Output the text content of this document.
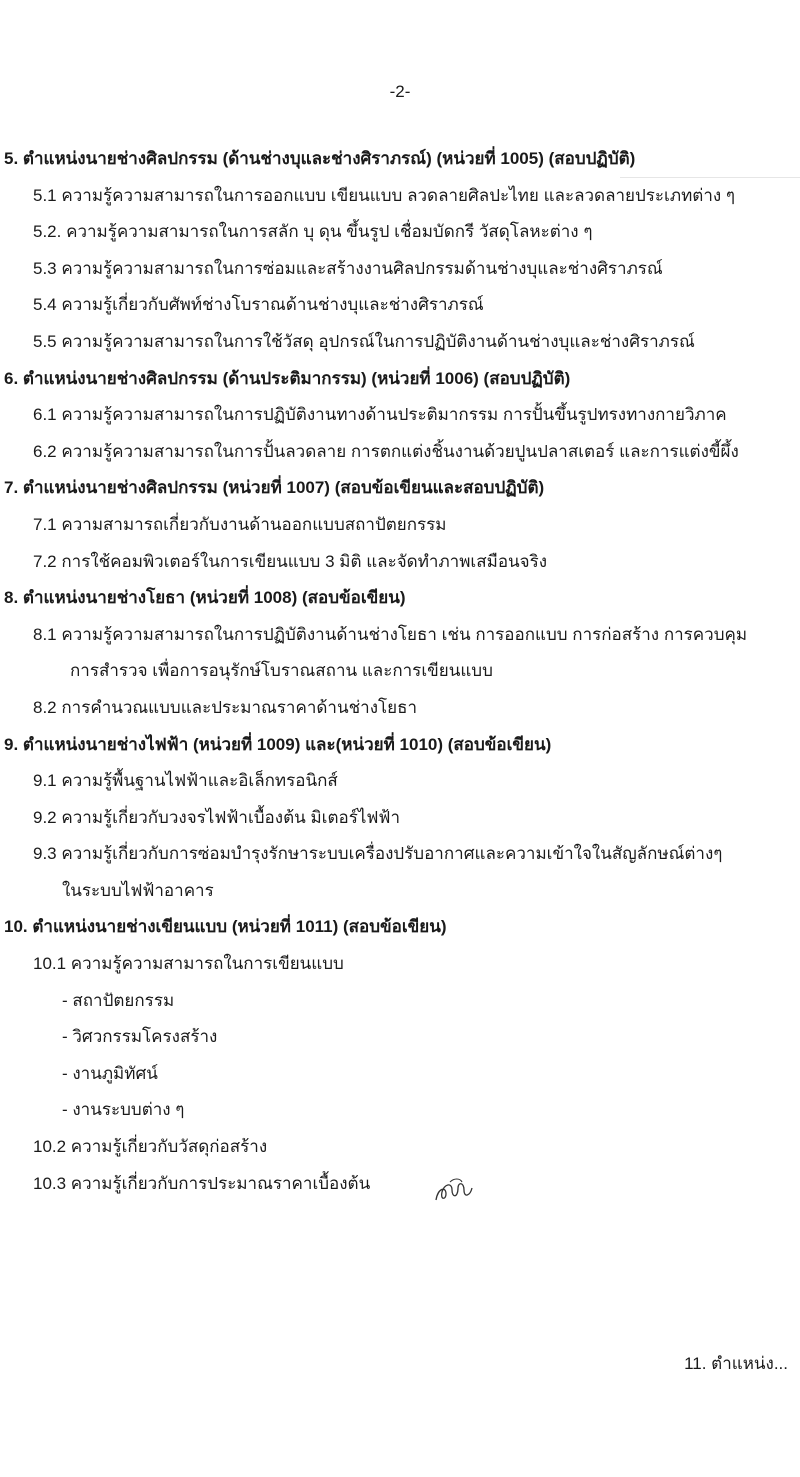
-2-
5. ตำแหน่งนายช่างศิลปกรรม (ด้านช่างบุและช่างศิราภรณ์) (หน่วยที่ 1005) (สอบปฏิบัติ)
5.1 ความรู้ความสามารถในการออกแบบ เขียนแบบ ลวดลายศิลปะไทย และลวดลายประเภทต่าง ๆ
5.2. ความรู้ความสามารถในการสลัก บุ ดุน ขึ้นรูป เชื่อมบัดกรี วัสดุโลหะต่าง ๆ
5.3 ความรู้ความสามารถในการซ่อมและสร้างงานศิลปกรรมด้านช่างบุและช่างศิราภรณ์
5.4 ความรู้เกี่ยวกับศัพท์ช่างโบราณด้านช่างบุและช่างศิราภรณ์
5.5 ความรู้ความสามารถในการใช้วัสดุ อุปกรณ์ในการปฏิบัติงานด้านช่างบุและช่างศิราภรณ์
6. ตำแหน่งนายช่างศิลปกรรม (ด้านประติมากรรม) (หน่วยที่ 1006) (สอบปฏิบัติ)
6.1 ความรู้ความสามารถในการปฏิบัติงานทางด้านประติมากรรม การปั้นขึ้นรูปทรงทางกายวิภาค
6.2 ความรู้ความสามารถในการปั้นลวดลาย การตกแต่งชิ้นงานด้วยปูนปลาสเตอร์ และการแต่งขี้ผึ้ง
7. ตำแหน่งนายช่างศิลปกรรม (หน่วยที่ 1007) (สอบข้อเขียนและสอบปฏิบัติ)
7.1 ความสามารถเกี่ยวกับงานด้านออกแบบสถาปัตยกรรม
7.2 การใช้คอมพิวเตอร์ในการเขียนแบบ 3 มิติ และจัดทำภาพเสมือนจริง
8. ตำแหน่งนายช่างโยธา (หน่วยที่ 1008) (สอบข้อเขียน)
8.1 ความรู้ความสามารถในการปฏิบัติงานด้านช่างโยธา เช่น การออกแบบ การก่อสร้าง การควบคุม
การสำรวจ เพื่อการอนุรักษ์โบราณสถาน และการเขียนแบบ
8.2 การคำนวณแบบและประมาณราคาด้านช่างโยธา
9. ตำแหน่งนายช่างไฟฟ้า (หน่วยที่ 1009) และ(หน่วยที่ 1010) (สอบข้อเขียน)
9.1 ความรู้พื้นฐานไฟฟ้าและอิเล็กทรอนิกส์
9.2 ความรู้เกี่ยวกับวงจรไฟฟ้าเบื้องต้น มิเตอร์ไฟฟ้า
9.3 ความรู้เกี่ยวกับการซ่อมบำรุงรักษาระบบเครื่องปรับอากาศและความเข้าใจในสัญลักษณ์ต่างๆ
ในระบบไฟฟ้าอาคาร
10. ตำแหน่งนายช่างเขียนแบบ (หน่วยที่ 1011) (สอบข้อเขียน)
10.1 ความรู้ความสามารถในการเขียนแบบ
- สถาปัตยกรรม
- วิศวกรรมโครงสร้าง
- งานภูมิทัศน์
- งานระบบต่าง ๆ
10.2 ความรู้เกี่ยวกับวัสดุก่อสร้าง
10.3 ความรู้เกี่ยวกับการประมาณราคาเบื้องต้น
11. ตำแหน่ง...
